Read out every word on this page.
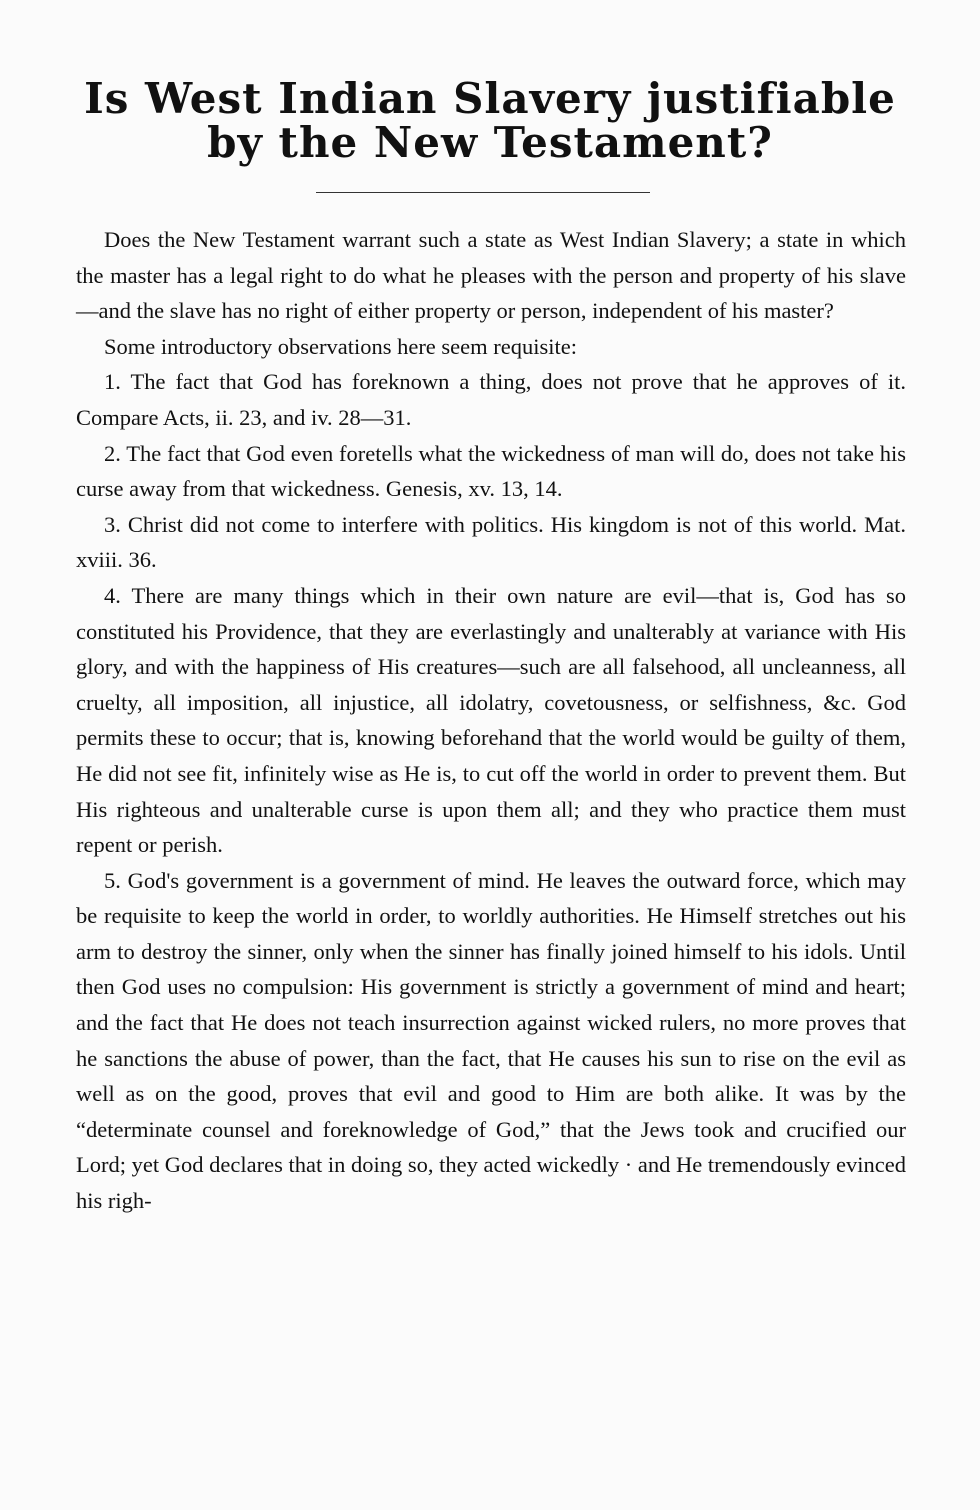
Is West Indian Slavery justifiable
by the New Testament?

Does the New Testament warrant such a state as West Indian Slavery; a state in which the master has a legal right to do what he pleases with the person and property of his slave—and the slave has no right of either property or person, independent of his master?

Some introductory observations here seem requisite:

1. The fact that God has foreknown a thing, does not prove that he approves of it. Compare Acts, ii. 23, and iv. 28—31.

2. The fact that God even foretells what the wickedness of man will do, does not take his curse away from that wickedness. Genesis, xv. 13, 14.

3. Christ did not come to interfere with politics. His kingdom is not of this world. Mat. xviii. 36.

4. There are many things which in their own nature are evil—that is, God has so constituted his Providence, that they are everlastingly and unalterably at variance with His glory, and with the happiness of His creatures—such are all falsehood, all uncleanness, all cruelty, all imposition, all injustice, all idolatry, covetousness, or selfishness, &c. God permits these to occur; that is, knowing beforehand that the world would be guilty of them, He did not see fit, infinitely wise as He is, to cut off the world in order to prevent them. But His righteous and unalterable curse is upon them all; and they who practice them must repent or perish.

5. God's government is a government of mind. He leaves the outward force, which may be requisite to keep the world in order, to worldly authorities. He Himself stretches out his arm to destroy the sinner, only when the sinner has finally joined himself to his idols. Until then God uses no compulsion: His government is strictly a government of mind and heart; and the fact that He does not teach insurrection against wicked rulers, no more proves that he sanctions the abuse of power, than the fact, that He causes his sun to rise on the evil as well as on the good, proves that evil and good to Him are both alike. It was by the “determinate counsel and foreknowledge of God,” that the Jews took and crucified our Lord; yet God declares that in doing so, they acted wickedly · and He tremendously evinced his righ-
